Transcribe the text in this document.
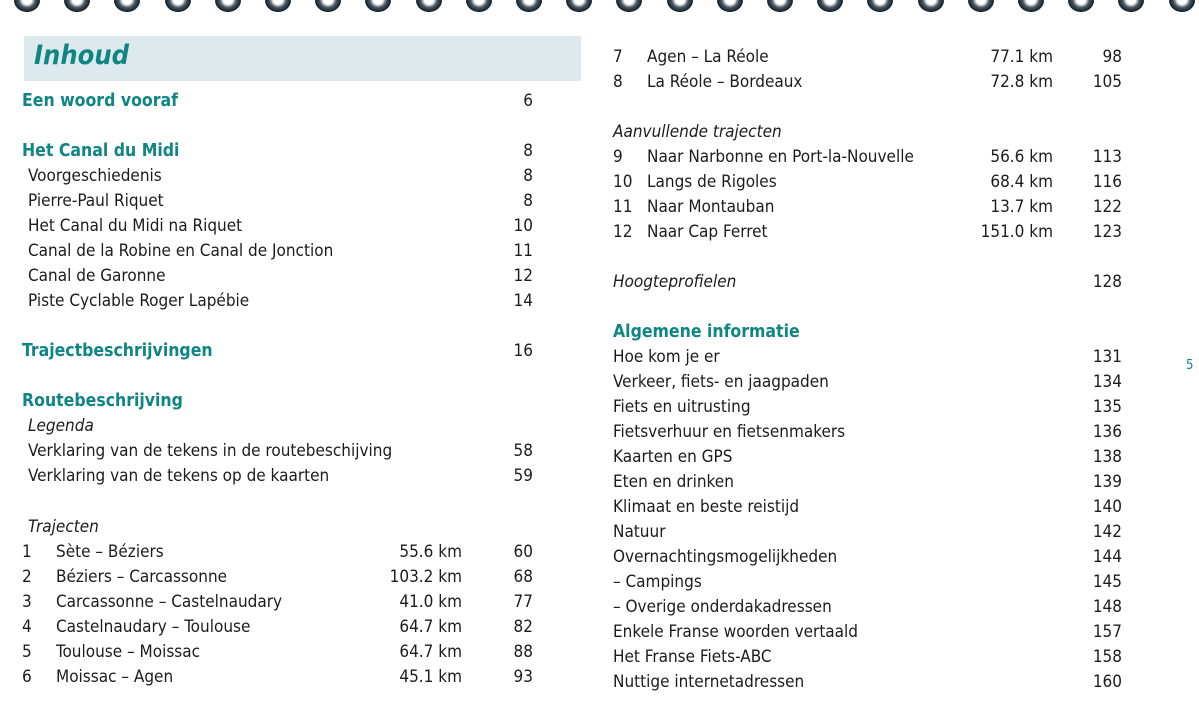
Inhoud
Een woord vooraf	6
Het Canal du Midi	8
Voorgeschiedenis	8
Pierre-Paul Riquet	8
Het Canal du Midi na Riquet	10
Canal de la Robine en Canal de Jonction	11
Canal de Garonne	12
Piste Cyclable Roger Lapébie	14
Trajectbeschrijvingen	16
Routebeschrijving
Legenda
Verklaring van de tekens in de routebeschijving	58
Verklaring van de tekens op de kaarten	59
Trajecten
1 Sète – Béziers	55.6 km	60
2 Béziers – Carcassonne	103.2 km	68
3 Carcassonne – Castelnaudary	41.0 km	77
4 Castelnaudary – Toulouse	64.7 km	82
5 Toulouse – Moissac	64.7 km	88
6 Moissac – Agen	45.1 km	93
7 Agen – La Réole	77.1 km	98
8 La Réole – Bordeaux	72.8 km	105
Aanvullende trajecten
9 Naar Narbonne en Port-la-Nouvelle	56.6 km	113
10 Langs de Rigoles	68.4 km	116
11 Naar Montauban	13.7 km	122
12 Naar Cap Ferret	151.0 km	123
Hoogteprofielen	128
Algemene informatie
Hoe kom je er	131
Verkeer, fiets- en jaagpaden	134
Fiets en uitrusting	135
Fietsverhuur en fietsenmakers	136
Kaarten en GPS	138
Eten en drinken	139
Klimaat en beste reistijd	140
Natuur	142
Overnachtingsmogelijkheden	144
– Campings	145
– Overige onderdakadressen	148
Enkele Franse woorden vertaald	157
Het Franse Fiets-ABC	158
Nuttige internetadressen	160
5
